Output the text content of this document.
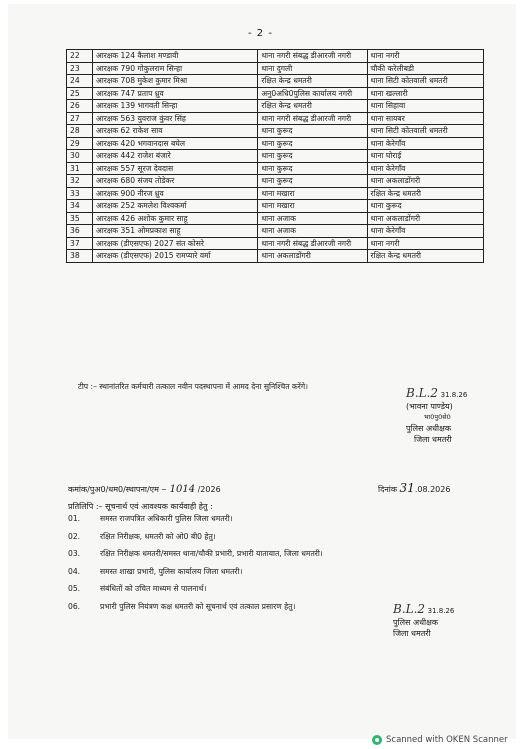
- 2 -
22	आरक्षक 124 कैलाश मण्डावी	थाना नगरी संबद्ध डीआरजी नगरी	थाना नगरी
23	आरक्षक 790 गोकुलराम सिन्हा	थाना दुगली	चौकी करेलीबडी
24	आरक्षक 708 मुकेश कुमार मिश्रा	रक्षित केन्द्र धमतरी	थाना सिटी कोतवाली धमतरी
25	आरक्षक 747 प्रताप ध्रुव	अनु0अधि0पुलिस कार्यालय नगरी	थाना खल्लारी
26	आरक्षक 139 भागवती सिन्हा	रक्षित केन्द्र धमतरी	थाना सिहावा
27	आरक्षक 563 युवराज कुंवर सिंह	थाना नगरी संबद्ध डीआरजी नगरी	थाना सायबर
28	आरक्षक 62 राकेश साव	थाना कुरूद	थाना सिटी कोतवाली धमतरी
29	आरक्षक 420 भगवानदास बघेल	थाना कुरूद	थाना केरेगाँव
30	आरक्षक 442 राजेश बंजारे	थाना कुरूद	थाना घोराई
31	आरक्षक 557 सूरज देवदास	थाना कुरूद	थाना केरेगाँव
32	आरक्षक 680 संजय तोडेकर	थाना कुरूद	थाना अकलाडोंगरी
33	आरक्षक 900 नीरज ध्रुव	थाना मखारा	रक्षित केन्द्र धमतरी
34	आरक्षक 252 कमलेश विश्वकर्मा	थाना मखारा	थाना कुरूद
35	आरक्षक 426 अशोक कुमार साहू	थाना अजाक	थाना अकलाडोंगरी
36	आरक्षक 351 ओमप्रकाश साहू	थाना अजाक	थाना केरेगाँव
37	आरक्षक (डीएसएफ) 2027 संत कोसरे	थाना नगरी संबद्ध डीआरजी नगरी	थाना नगरी
38	आरक्षक (डीएसएफ) 2015 रामप्यारे वर्मा	थाना अकलाडोंगरी	रक्षित केन्द्र धमतरी
टीप :– स्थानांतरित कर्मचारी तत्काल नवीन पदस्थापना में आमद देना सुनिश्चित करेंगे।	B.L.2 31.8.26
(भावना पाण्डेय)
भा0पु0से0
पुलिस अधीक्षक
जिला धमतरी
कमांक/पुअ0/धम0/स्थापना/एम – 1014 /2026	दिनांक 31.08.2026
प्रतिलिपि :– सूचनार्थ एवं आवश्यक कार्यवाही हेतु :
01.	समस्त राजपत्रित अधिकारी पुलिस जिला धमतरी।
02.	रक्षित निरीक्षक, धमतरी को ओ0 बी0 हेतु।
03.	रक्षित निरीक्षक धमतरी/समस्त थाना/चौकी प्रभारी, प्रभारी यातायात, जिला धमतरी।
04.	समस्त शाखा प्रभारी, पुलिस कार्यालय जिला धमतरी।
05.	संबंधितों को उचित माध्यम से पालनार्थ।
06.	प्रभारी पुलिस नियंत्रण कक्ष धमतरी को सूचनार्थ एवं तत्काल प्रसारण हेतु।	B.L.2 31.8.26
पुलिस अधीक्षक
जिला धमतरी
Scanned with OKEN Scanner
